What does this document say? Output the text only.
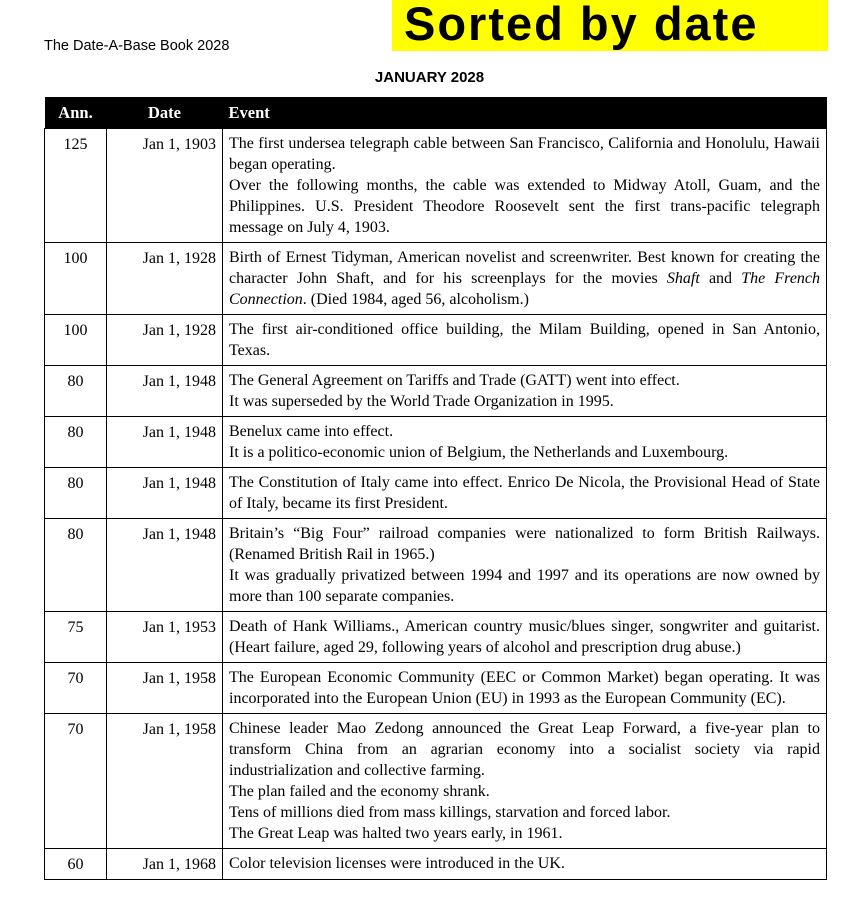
The Date-A-Base Book 2028	Sorted by date
JANUARY 2028
Ann.	Date	Event
125	Jan 1, 1903	The first undersea telegraph cable between San Francisco, California and Honolulu, Hawaii began operating.
Over the following months, the cable was extended to Midway Atoll, Guam, and the Philippines. U.S. President Theodore Roosevelt sent the first trans-pacific telegraph message on July 4, 1903.

100	Jan 1, 1928	Birth of Ernest Tidyman, American novelist and screenwriter. Best known for creating the character John Shaft, and for his screenplays for the movies Shaft and The French Connection. (Died 1984, aged 56, alcoholism.)
100	Jan 1, 1928	The first air-conditioned office building, the Milam Building, opened in San Antonio, Texas.

80	Jan 1, 1948	The General Agreement on Tariffs and Trade (GATT) went into effect.
It was superseded by the World Trade Organization in 1995.

80	Jan 1, 1948	Benelux came into effect.
It is a politico-economic union of Belgium, the Netherlands and Luxembourg.

80	Jan 1, 1948	The Constitution of Italy came into effect. Enrico De Nicola, the Provisional Head of State of Italy, became its first President.

80	Jan 1, 1948	Britain’s “Big Four” railroad companies were nationalized to form British Railways. (Renamed British Rail in 1965.)
It was gradually privatized between 1994 and 1997 and its operations are now owned by more than 100 separate companies.

75	Jan 1, 1953	Death of Hank Williams., American country music/blues singer, songwriter and guitarist. (Heart failure, aged 29, following years of alcohol and prescription drug abuse.)

70	Jan 1, 1958	The European Economic Community (EEC or Common Market) began operating. It was incorporated into the European Union (EU) in 1993 as the European Community (EC).

70	Jan 1, 1958	Chinese leader Mao Zedong announced the Great Leap Forward, a five-year plan to transform China from an agrarian economy into a socialist society via rapid industrialization and collective farming.
The plan failed and the economy shrank.
Tens of millions died from mass killings, starvation and forced labor.
The Great Leap was halted two years early, in 1961.

60	Jan 1, 1968	Color television licenses were introduced in the UK.
